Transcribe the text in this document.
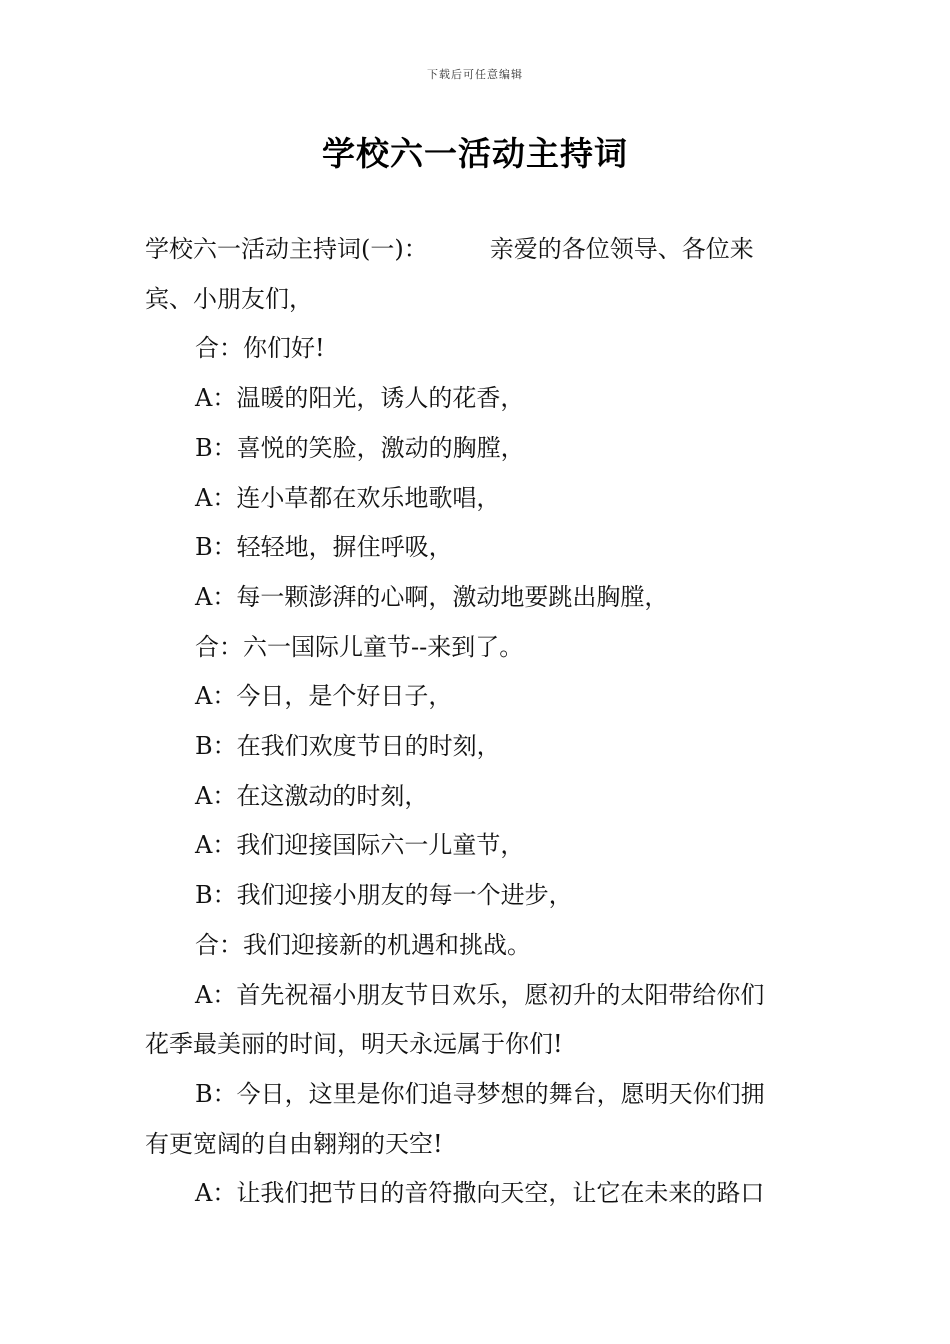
下载后可任意编辑
学校六一活动主持词

学校六一活动主持词(一)：	亲爱的各位领导、各位来

宾、小朋友们，

合：你们好!

A：温暖的阳光，诱人的花香，

B：喜悦的笑脸，激动的胸膛，

A：连小草都在欢乐地歌唱，

B：轻轻地，摒住呼吸，

A：每一颗澎湃的心啊，激动地要跳出胸膛，

合：六一国际儿童节--来到了。

A：今日，是个好日子，

B：在我们欢度节日的时刻，

A：在这激动的时刻，

A：我们迎接国际六一儿童节，

B：我们迎接小朋友的每一个进步，

合：我们迎接新的机遇和挑战。

A：首先祝福小朋友节日欢乐，愿初升的太阳带给你们

花季最美丽的时间，明天永远属于你们!

B：今日，这里是你们追寻梦想的舞台，愿明天你们拥

有更宽阔的自由翱翔的天空!

A：让我们把节日的音符撒向天空，让它在未来的路口
